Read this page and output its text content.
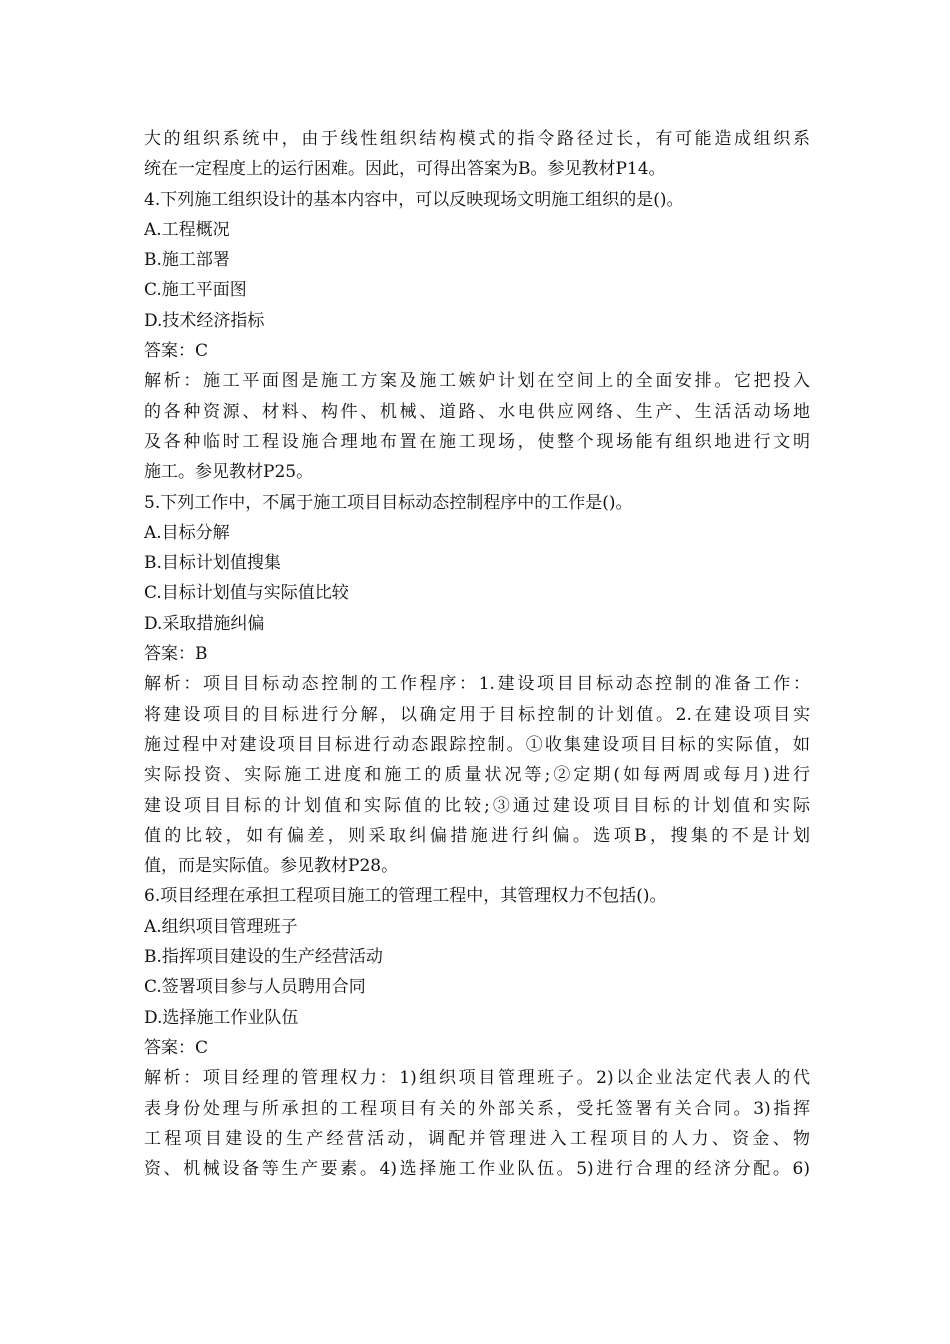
大的组织系统中，由于线性组织结构模式的指令路径过长，有可能造成组织系
统在一定程度上的运行困难。因此，可得出答案为B。参见教材P14。
4.下列施工组织设计的基本内容中，可以反映现场文明施工组织的是()。
A.工程概况
B.施工部署
C.施工平面图
D.技术经济指标
答案：C
解析：施工平面图是施工方案及施工嫉妒计划在空间上的全面安排。它把投入
的各种资源、材料、构件、机械、道路、水电供应网络、生产、生活活动场地
及各种临时工程设施合理地布置在施工现场，使整个现场能有组织地进行文明
施工。参见教材P25。
5.下列工作中，不属于施工项目目标动态控制程序中的工作是()。
A.目标分解
B.目标计划值搜集
C.目标计划值与实际值比较
D.采取措施纠偏
答案：B
解析：项目目标动态控制的工作程序：1.建设项目目标动态控制的准备工作：
将建设项目的目标进行分解，以确定用于目标控制的计划值。2.在建设项目实
施过程中对建设项目目标进行动态跟踪控制。①收集建设项目目标的实际值，如
实际投资、实际施工进度和施工的质量状况等;②定期(如每两周或每月)进行
建设项目目标的计划值和实际值的比较;③通过建设项目目标的计划值和实际
值的比较，如有偏差，则采取纠偏措施进行纠偏。选项B，搜集的不是计划
值，而是实际值。参见教材P28。
6.项目经理在承担工程项目施工的管理工程中，其管理权力不包括()。
A.组织项目管理班子
B.指挥项目建设的生产经营活动
C.签署项目参与人员聘用合同
D.选择施工作业队伍
答案：C
解析：项目经理的管理权力：1)组织项目管理班子。2)以企业法定代表人的代
表身份处理与所承担的工程项目有关的外部关系，受托签署有关合同。3)指挥
工程项目建设的生产经营活动，调配并管理进入工程项目的人力、资金、物
资、机械设备等生产要素。4)选择施工作业队伍。5)进行合理的经济分配。6)
